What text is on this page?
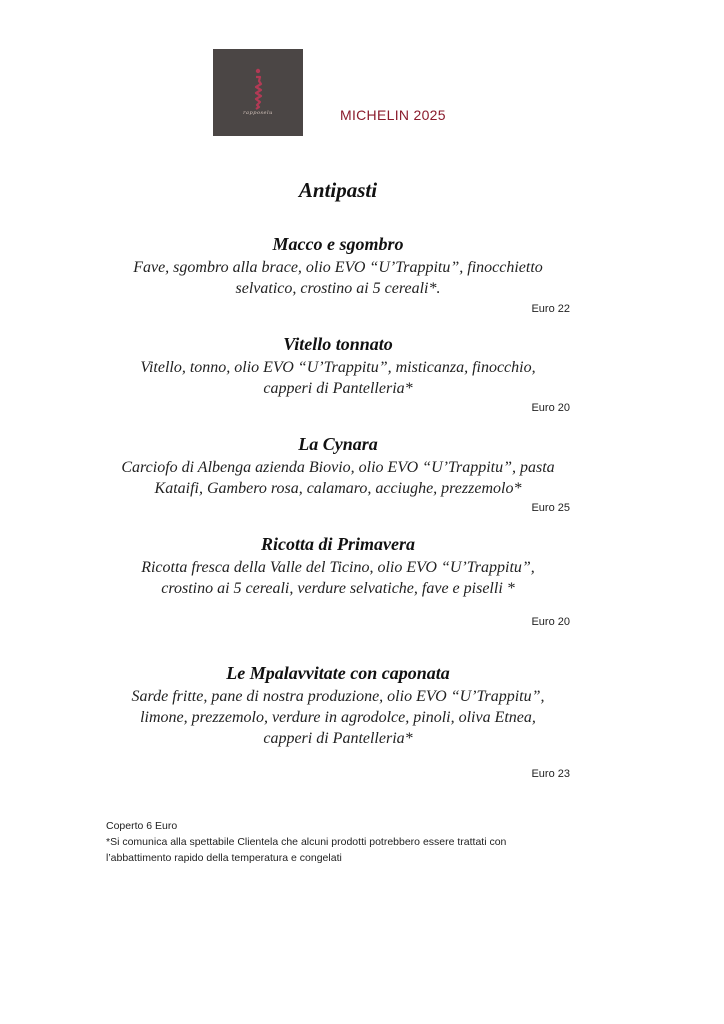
rapposelu	MICHELIN 2025
Antipasti
Macco e sgombro
Fave, sgombro alla brace, olio EVO “U’Trappitu”, finocchietto
selvatico, crostino ai 5 cereali*.
Euro 22
Vitello tonnato
Vitello, tonno, olio EVO “U’Trappitu”, misticanza, finocchio,
capperi di Pantelleria*
Euro 20
La Cynara
Carciofo di Albenga azienda Biovio, olio EVO “U’Trappitu”, pasta
Kataifi, Gambero rosa, calamaro, acciughe, prezzemolo*
Euro 25
Ricotta di Primavera
Ricotta fresca della Valle del Ticino, olio EVO “U’Trappitu”,
crostino ai 5 cereali, verdure selvatiche, fave e piselli *
Euro 20
Le Mpalavvitate con caponata
Sarde fritte, pane di nostra produzione, olio EVO “U’Trappitu”,
limone, prezzemolo, verdure in agrodolce, pinoli, oliva Etnea,
capperi di Pantelleria*
Euro 23
Coperto 6 Euro
*Si comunica alla spettabile Clientela che alcuni prodotti potrebbero essere trattati con
l’abbattimento rapido della temperatura e congelati
